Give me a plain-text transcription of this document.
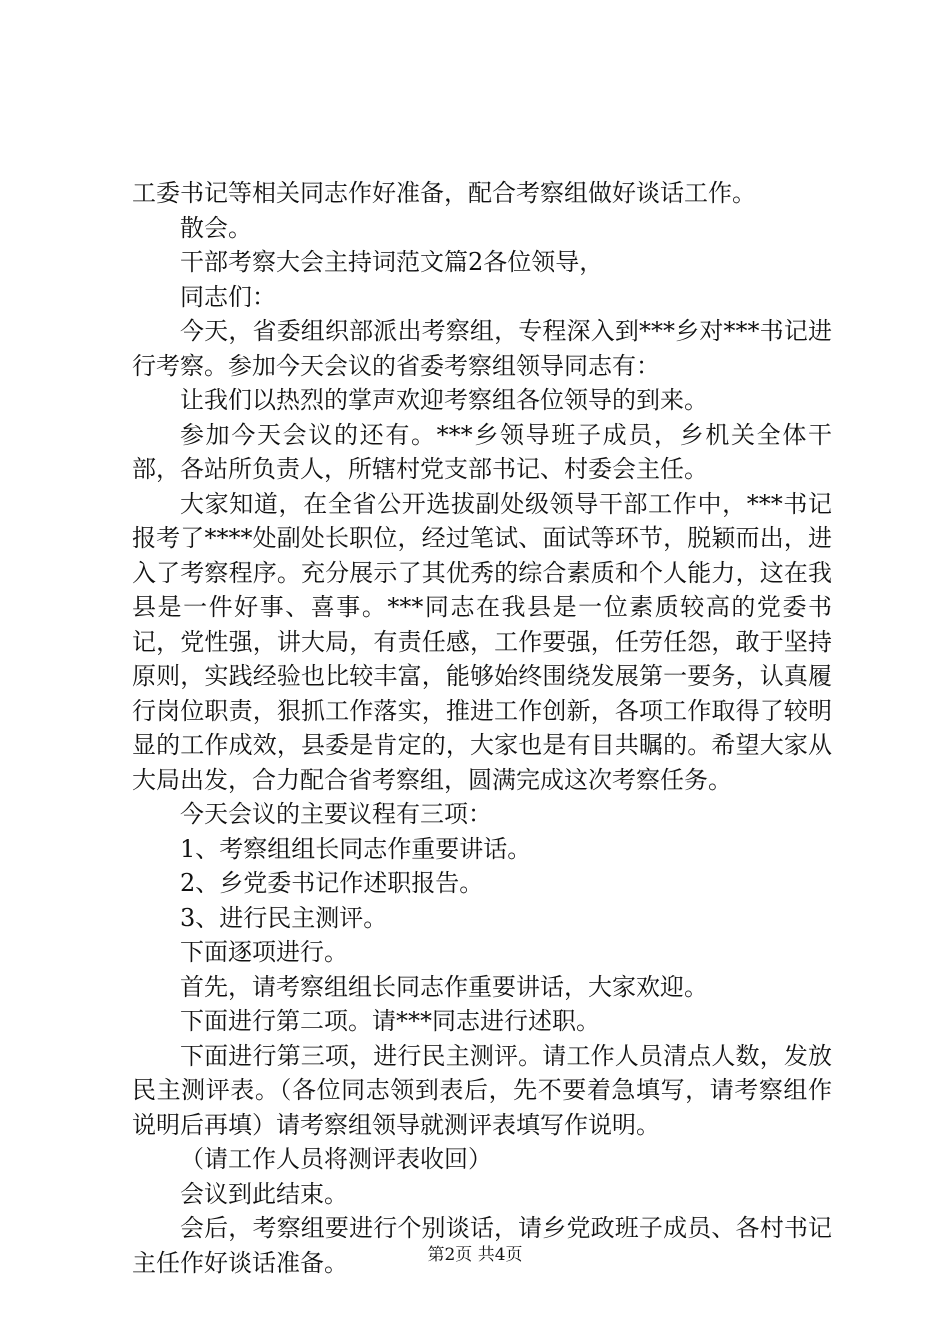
工委书记等相关同志作好准备，配合考察组做好谈话工作。

散会。

干部考察大会主持词范文篇2各位领导，

同志们：

今天，省委组织部派出考察组，专程深入到***乡对***书记进行考察。参加今天会议的省委考察组领导同志有：

让我们以热烈的掌声欢迎考察组各位领导的到来。

参加今天会议的还有。***乡领导班子成员，乡机关全体干部，各站所负责人，所辖村党支部书记、村委会主任。

大家知道，在全省公开选拔副处级领导干部工作中，***书记报考了****处副处长职位，经过笔试、面试等环节，脱颖而出，进入了考察程序。充分展示了其优秀的综合素质和个人能力，这在我县是一件好事、喜事。***同志在我县是一位素质较高的党委书记，党性强，讲大局，有责任感，工作要强，任劳任怨，敢于坚持原则，实践经验也比较丰富，能够始终围绕发展第一要务，认真履行岗位职责，狠抓工作落实，推进工作创新，各项工作取得了较明显的工作成效，县委是肯定的，大家也是有目共瞩的。希望大家从大局出发，合力配合省考察组，圆满完成这次考察任务。

今天会议的主要议程有三项：

1、考察组组长同志作重要讲话。

2、乡党委书记作述职报告。

3、进行民主测评。

下面逐项进行。

首先，请考察组组长同志作重要讲话，大家欢迎。

下面进行第二项。请***同志进行述职。

下面进行第三项，进行民主测评。请工作人员清点人数，发放民主测评表。（各位同志领到表后，先不要着急填写，请考察组作说明后再填）请考察组领导就测评表填写作说明。

（请工作人员将测评表收回）

会议到此结束。

会后，考察组要进行个别谈话，请乡党政班子成员、各村书记主任作好谈话准备。	第2页 共4页
